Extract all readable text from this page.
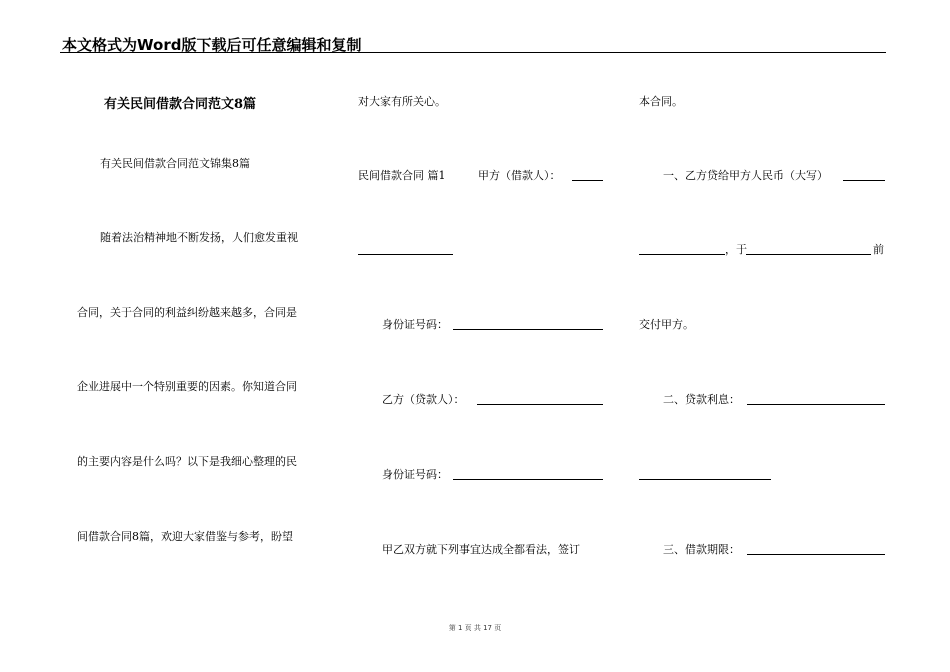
本文格式为Word版下载后可任意编辑和复制
有关民间借款合同范文8篇
有关民间借款合同范文锦集8篇
随着法治精神地不断发扬，人们愈发重视
合同，关于合同的利益纠纷越来越多，合同是
企业进展中一个特别重要的因素。你知道合同
的主要内容是什么吗？以下是我细心整理的民
间借款合同8篇，欢迎大家借鉴与参考，盼望
对大家有所关心。
民间借款合同 篇1	甲方（借款人）：
身份证号码：
乙方（贷款人）：
身份证号码：
甲乙双方就下列事宜达成全都看法，签订
本合同。
一、乙方贷给甲方人民币（大写）
，于	前
交付甲方。
二、贷款利息：
三、借款期限：
第 1 页 共 17 页
